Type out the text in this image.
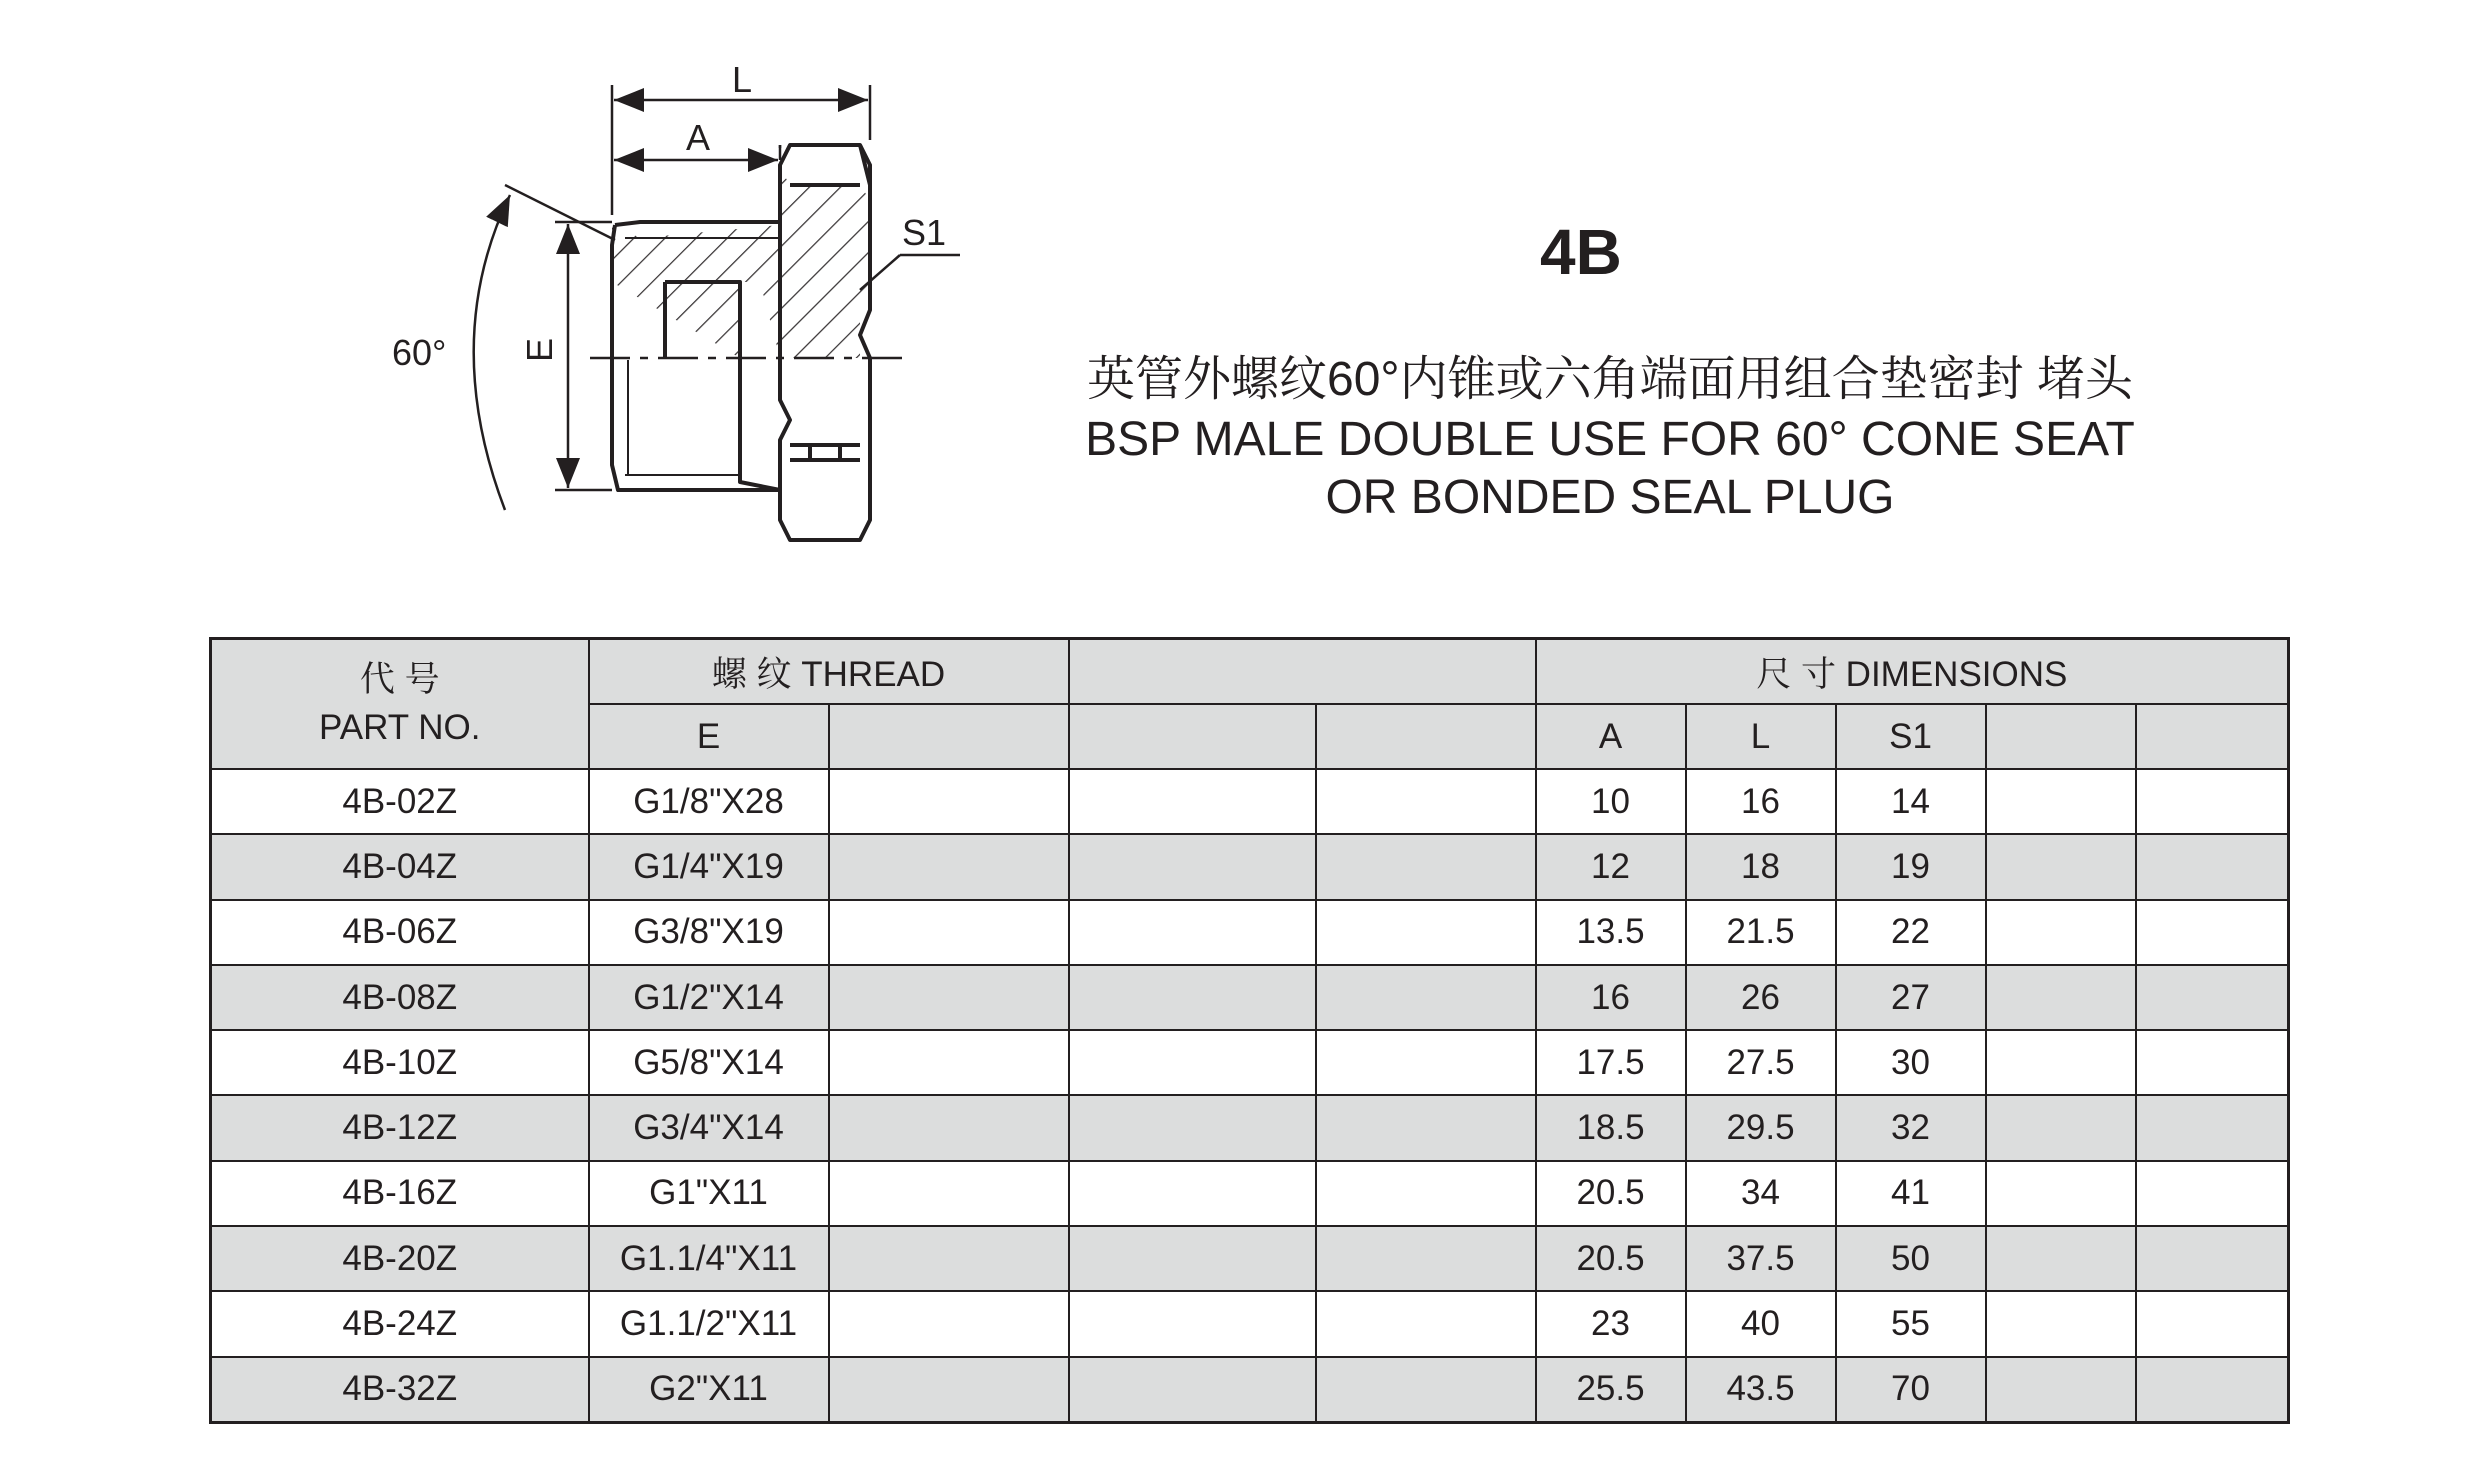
L
A
E
S1
60°
4B
英管外螺纹60°内锥或六角端面用组合垫密封 堵头
BSP MALE DOUBLE USE FOR 60° CONE SEAT
OR BONDED SEAL PLUG
代 号
PART NO.	螺 纹 THREAD				尺 寸 DIMENSIONS				
	E				A	L	S1		
4B-02Z	G1/8"X28				10	16	14		
4B-04Z	G1/4"X19				12	18	19		
4B-06Z	G3/8"X19				13.5	21.5	22		
4B-08Z	G1/2"X14				16	26	27		
4B-10Z	G5/8"X14				17.5	27.5	30		
4B-12Z	G3/4"X14				18.5	29.5	32		
4B-16Z	G1"X11				20.5	34	41		
4B-20Z	G1.1/4"X11				20.5	37.5	50		
4B-24Z	G1.1/2"X11				23	40	55		
4B-32Z	G2"X11				25.5	43.5	70		
